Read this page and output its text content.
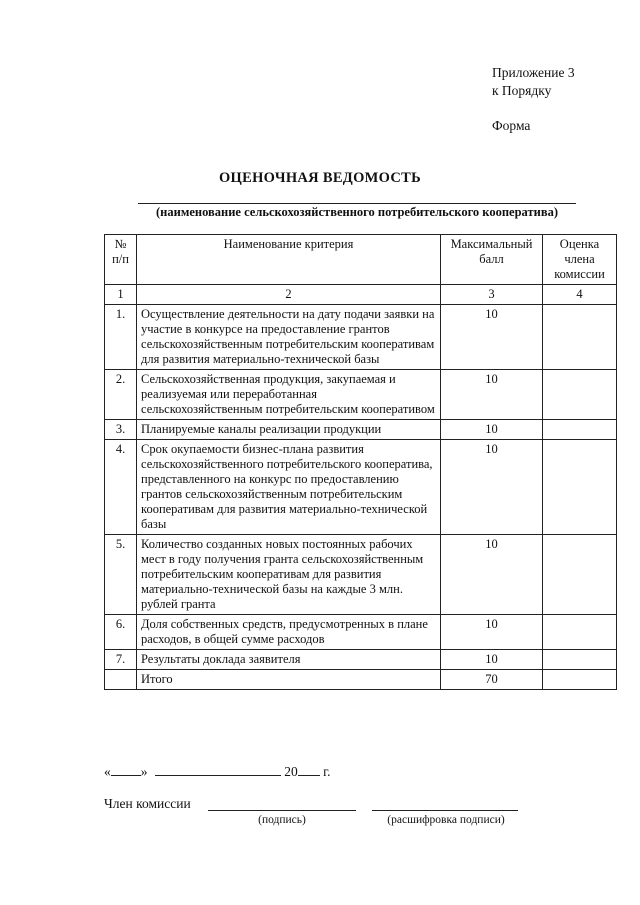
Приложение 3
к Порядку
Форма
ОЦЕНОЧНАЯ ВЕДОМОСТЬ
(наименование сельскохозяйственного потребительского кооператива)
№ п/п	Наименование критерия	Максимальный балл	Оценка члена комиссии
1	2	3	4
1.	Осуществление деятельности на дату подачи заявки на участие в конкурсе на предоставление грантов сельскохозяйственным потребительским кооперативам для развития материально-технической базы	10	
2.	Сельскохозяйственная продукция, закупаемая и реализуемая или переработанная сельскохозяйственным потребительским кооперативом	10	
3.	Планируемые каналы реализации продукции	10	
4.	Срок окупаемости бизнес-плана развития сельскохозяйственного потребительского кооператива, представленного на конкурс по предоставлению грантов сельскохозяйственным потребительским кооперативам для развития материально-технической базы	10	
5.	Количество созданных новых постоянных рабочих мест в году получения гранта сельскохозяйственным потребительским кооперативам для развития материально-технической базы на каждые 3 млн. рублей гранта	10	
6.	Доля собственных средств, предусмотренных в плане расходов, в общей сумме расходов	10	
7.	Результаты доклада заявителя	10	
	Итого	70	
« »	20 г.
Член комиссии
(подпись)	(расшифровка подписи)
